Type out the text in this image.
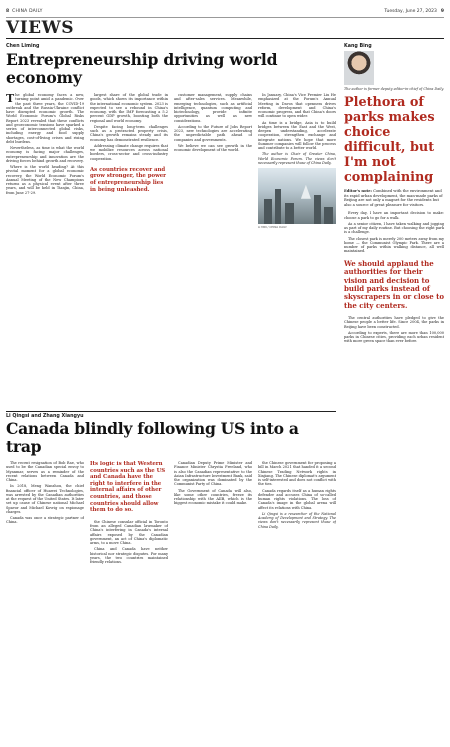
8 CHINA DAILY	Tuesday, June 27, 2023 9
VIEWS
Chen Liming
Entrepreneurship driving world economy

The global economy faces a new, turning point amid a pandemic. Over the past three years, the COVID-19 outbreak and the Russia-Ukraine conflict have disrupted economic growth. The World Economic Forum's Global Risks Report 2023 revealed that these conflicts and geoeconomic tensions have sparked a series of interconnected global risks, including energy and food supply shortages, cost-of-living crises and rising debt burdens.

Nevertheless, as time is what the world economy is facing major challenges, entrepreneurship and innovation are the driving forces behind growth and recovery.

Where is the world heading? At this pivotal moment for a global economic recovery, the World Economic Forum's Annual Meeting of the New Champions returns as a physical event after three years, and will be held in Tianjin, China, from June 27-29.

largest share of the global trade in goods, which shows its importance within the international economic system. 2023 is expected to see a rebound in China's economy, with the IMF forecasting a 5.2 percent GDP growth, boosting both the regional and world economy.

Despite facing long-term challenges such as a protracted property crisis, China's growth remains steady and its economy has demonstrated resilience.

Addressing climate change requires that we mobilize resources across national borders, cross-sector and cross-industry cooperation.

As countries recover and grow stronger, the power of entrepreneurship lies in being unleashed.

customer management, supply chains and after-sales services. Meanwhile, emerging technologies, such as artificial intelligence, quantum computing and biotechnology, provide infinite opportunities as well as new considerations.

According to the Future of Jobs Report 2023, new technologies are accelerating the unpredictable path ahead of companies and governments.

We believe we can see growth in the economic development of the world.

In January, China's Vice Premier Liu He emphasized at the Forum's Annual Meeting in Davos that openness drives reform, development and China's economic progress, and that China's doors will continue to open wider.

As time is a bridge, Asia is to build bridges between the East and the West, deepen understanding, accelerate cooperation, strengthen exchange and integrate nations. We hope that more Summer companies will follow the process and contribute to a better world.

The author is Chair of Greater China, World Economic Forum. The views don't necessarily represent those of China Daily.

LI MIN / CHINA DAILY
Li Qingsi and Zhang Xiangyu
Canada blindly following US into a trap

The recent resignation of Bob Rae, who used to be the Canadian special envoy to Myanmar, serves as a reminder of the recent relations between Canada and China.

In 2018, Meng Wanzhou, the chief financial officer of Huawei Technologies, was arrested by the Canadian authorities at the request of the United States. It later set up cause of Chinese national Michael Spavor and Michael Kovrig on espionage charges.

Canada was once a strategic partner of China.

Its logic is that Western countries such as the US and Canada have the right to interfere in the internal affairs of other countries, and those countries should allow them to do so.

the Chinese consular official in Toronto from an alleged Canadian lawmaker of China's interfering in Canada's internal affairs exposed by the Canadian government, an act of China's diplomatic arms, to a move China.

China and Canada have neither historical nor strategic disputes. For many years, the two countries maintained friendly relations.

Canadian Deputy Prime Minister and Finance Minister Chrystia Freeland, who is also the Canadian representative to the Asian Infrastructure Investment Bank, said the organization was dominated by the Communist Party of China.

The Government of Canada will also, like some other countries, freeze its relationship with the AIIB, which is the biggest economic mistake it could make.

the Chinese government for proposing a bill in March 2021 that handed it a second Chinese Trading Network rights in Xinjiang. The Chinese diplomat's argument is self-interested and does not conflict with the ties.

Canada regards itself as a human rights defender and accuses China of so-called human rights violations. The loss of Canada's image in the global arena will affect its relations with China.

Li Qingsi is a researcher of the National Academy of Development and Strategy. The views don't necessarily represent those of China Daily.

Kang Bing
The author is former deputy editor-in-chief of China Daily.
Plethora of parks makes choice difficult, but I'm not complaining
Editor's note: Combined with the environment and its rapid urban development, the man-made parks of Beijing are not only a magnet for the residents but also a source of great pleasure for visitors.

Every day, I have an important decision to make: choose a park to go for a walk.

As a senior citizen, I have taken walking and jogging as part of my daily routine. But choosing the right park is a challenge.

The closest park is merely 200 meters away from my home — the Communist Olympic Park. There are a number of parks within walking distance, all well maintained.

We should applaud the authorities for their vision and decision to build parks instead of skyscrapers in or close to the city centers.

The central authorities have pledged to give the Chinese people a better life. Since 2004, the parks in Beijing have been constructed.

According to experts, there are more than 100,000 parks in Chinese cities, providing each urban resident with more green space than ever before.
